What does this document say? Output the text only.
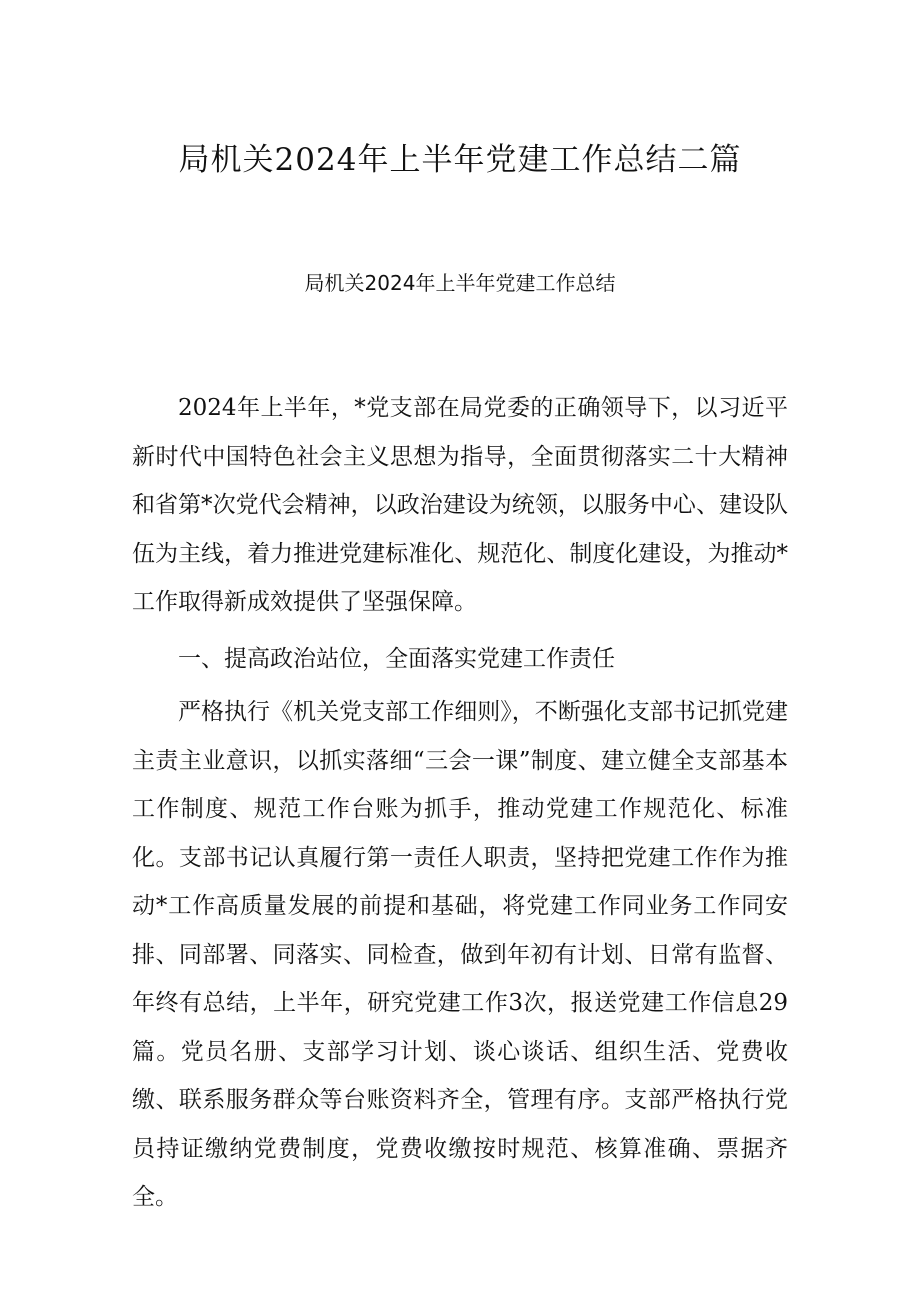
局机关2024年上半年党建工作总结二篇
局机关2024年上半年党建工作总结

2024年上半年，*党支部在局党委的正确领导下，以习近平新时代中国特色社会主义思想为指导，全面贯彻落实二十大精神和省第*次党代会精神，以政治建设为统领，以服务中心、建设队伍为主线，着力推进党建标准化、规范化、制度化建设，为推动*工作取得新成效提供了坚强保障。

一、提高政治站位，全面落实党建工作责任

严格执行《机关党支部工作细则》，不断强化支部书记抓党建主责主业意识，以抓实落细“三会一课”制度、建立健全支部基本工作制度、规范工作台账为抓手，推动党建工作规范化、标准化。支部书记认真履行第一责任人职责，坚持把党建工作作为推动*工作高质量发展的前提和基础，将党建工作同业务工作同安排、同部署、同落实、同检查，做到年初有计划、日常有监督、年终有总结，上半年，研究党建工作3次，报送党建工作信息29篇。党员名册、支部学习计划、谈心谈话、组织生活、党费收缴、联系服务群众等台账资料齐全，管理有序。支部严格执行党员持证缴纳党费制度，党费收缴按时规范、核算准确、票据齐全。
